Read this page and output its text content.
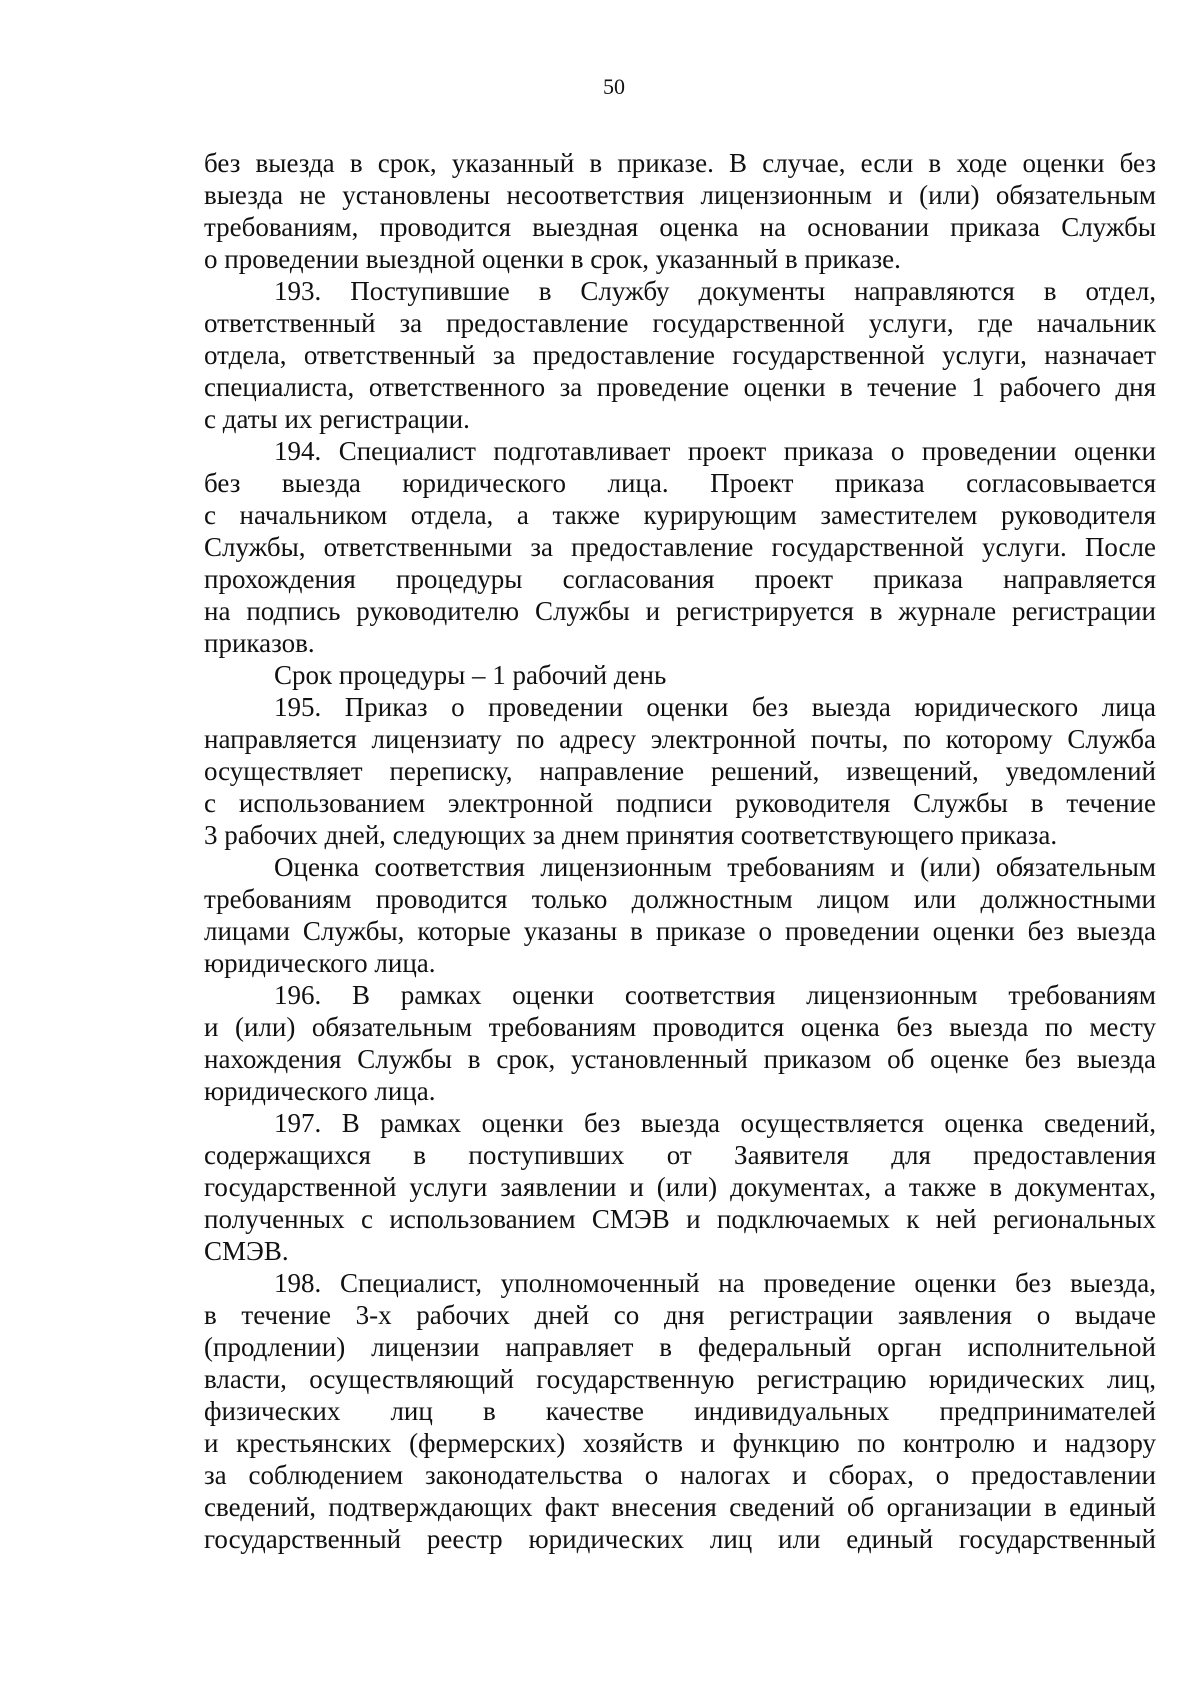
50
без выезда в срок, указанный в приказе. В случае, если в ходе оценки без
выезда не установлены несоответствия лицензионным и (или) обязательным
требованиям, проводится выездная оценка на основании приказа Службы
о проведении выездной оценки в срок, указанный в приказе.
193. Поступившие в Службу документы направляются в отдел,
ответственный за предоставление государственной услуги, где начальник
отдела, ответственный за предоставление государственной услуги, назначает
специалиста, ответственного за проведение оценки в течение 1 рабочего дня
с даты их регистрации.
194. Специалист подготавливает проект приказа о проведении оценки
без выезда юридического лица. Проект приказа согласовывается
с начальником отдела, а также курирующим заместителем руководителя
Службы, ответственными за предоставление государственной услуги. После
прохождения процедуры согласования проект приказа направляется
на подпись руководителю Службы и регистрируется в журнале регистрации
приказов.
Срок процедуры – 1 рабочий день
195. Приказ о проведении оценки без выезда юридического лица
направляется лицензиату по адресу электронной почты, по которому Служба
осуществляет переписку, направление решений, извещений, уведомлений
с использованием электронной подписи руководителя Службы в течение
3 рабочих дней, следующих за днем принятия соответствующего приказа.
Оценка соответствия лицензионным требованиям и (или) обязательным
требованиям проводится только должностным лицом или должностными
лицами Службы, которые указаны в приказе о проведении оценки без выезда
юридического лица.
196. В рамках оценки соответствия лицензионным требованиям
и (или) обязательным требованиям проводится оценка без выезда по месту
нахождения Службы в срок, установленный приказом об оценке без выезда
юридического лица.
197. В рамках оценки без выезда осуществляется оценка сведений,
содержащихся в поступивших от Заявителя для предоставления
государственной услуги заявлении и (или) документах, а также в документах,
полученных с использованием СМЭВ и подключаемых к ней региональных
СМЭВ.
198. Специалист, уполномоченный на проведение оценки без выезда,
в течение 3-х рабочих дней со дня регистрации заявления о выдаче
(продлении) лицензии направляет в федеральный орган исполнительной
власти, осуществляющий государственную регистрацию юридических лиц,
физических лиц в качестве индивидуальных предпринимателей
и крестьянских (фермерских) хозяйств и функцию по контролю и надзору
за соблюдением законодательства о налогах и сборах, о предоставлении
сведений, подтверждающих факт внесения сведений об организации в единый
государственный реестр юридических лиц или единый государственный
